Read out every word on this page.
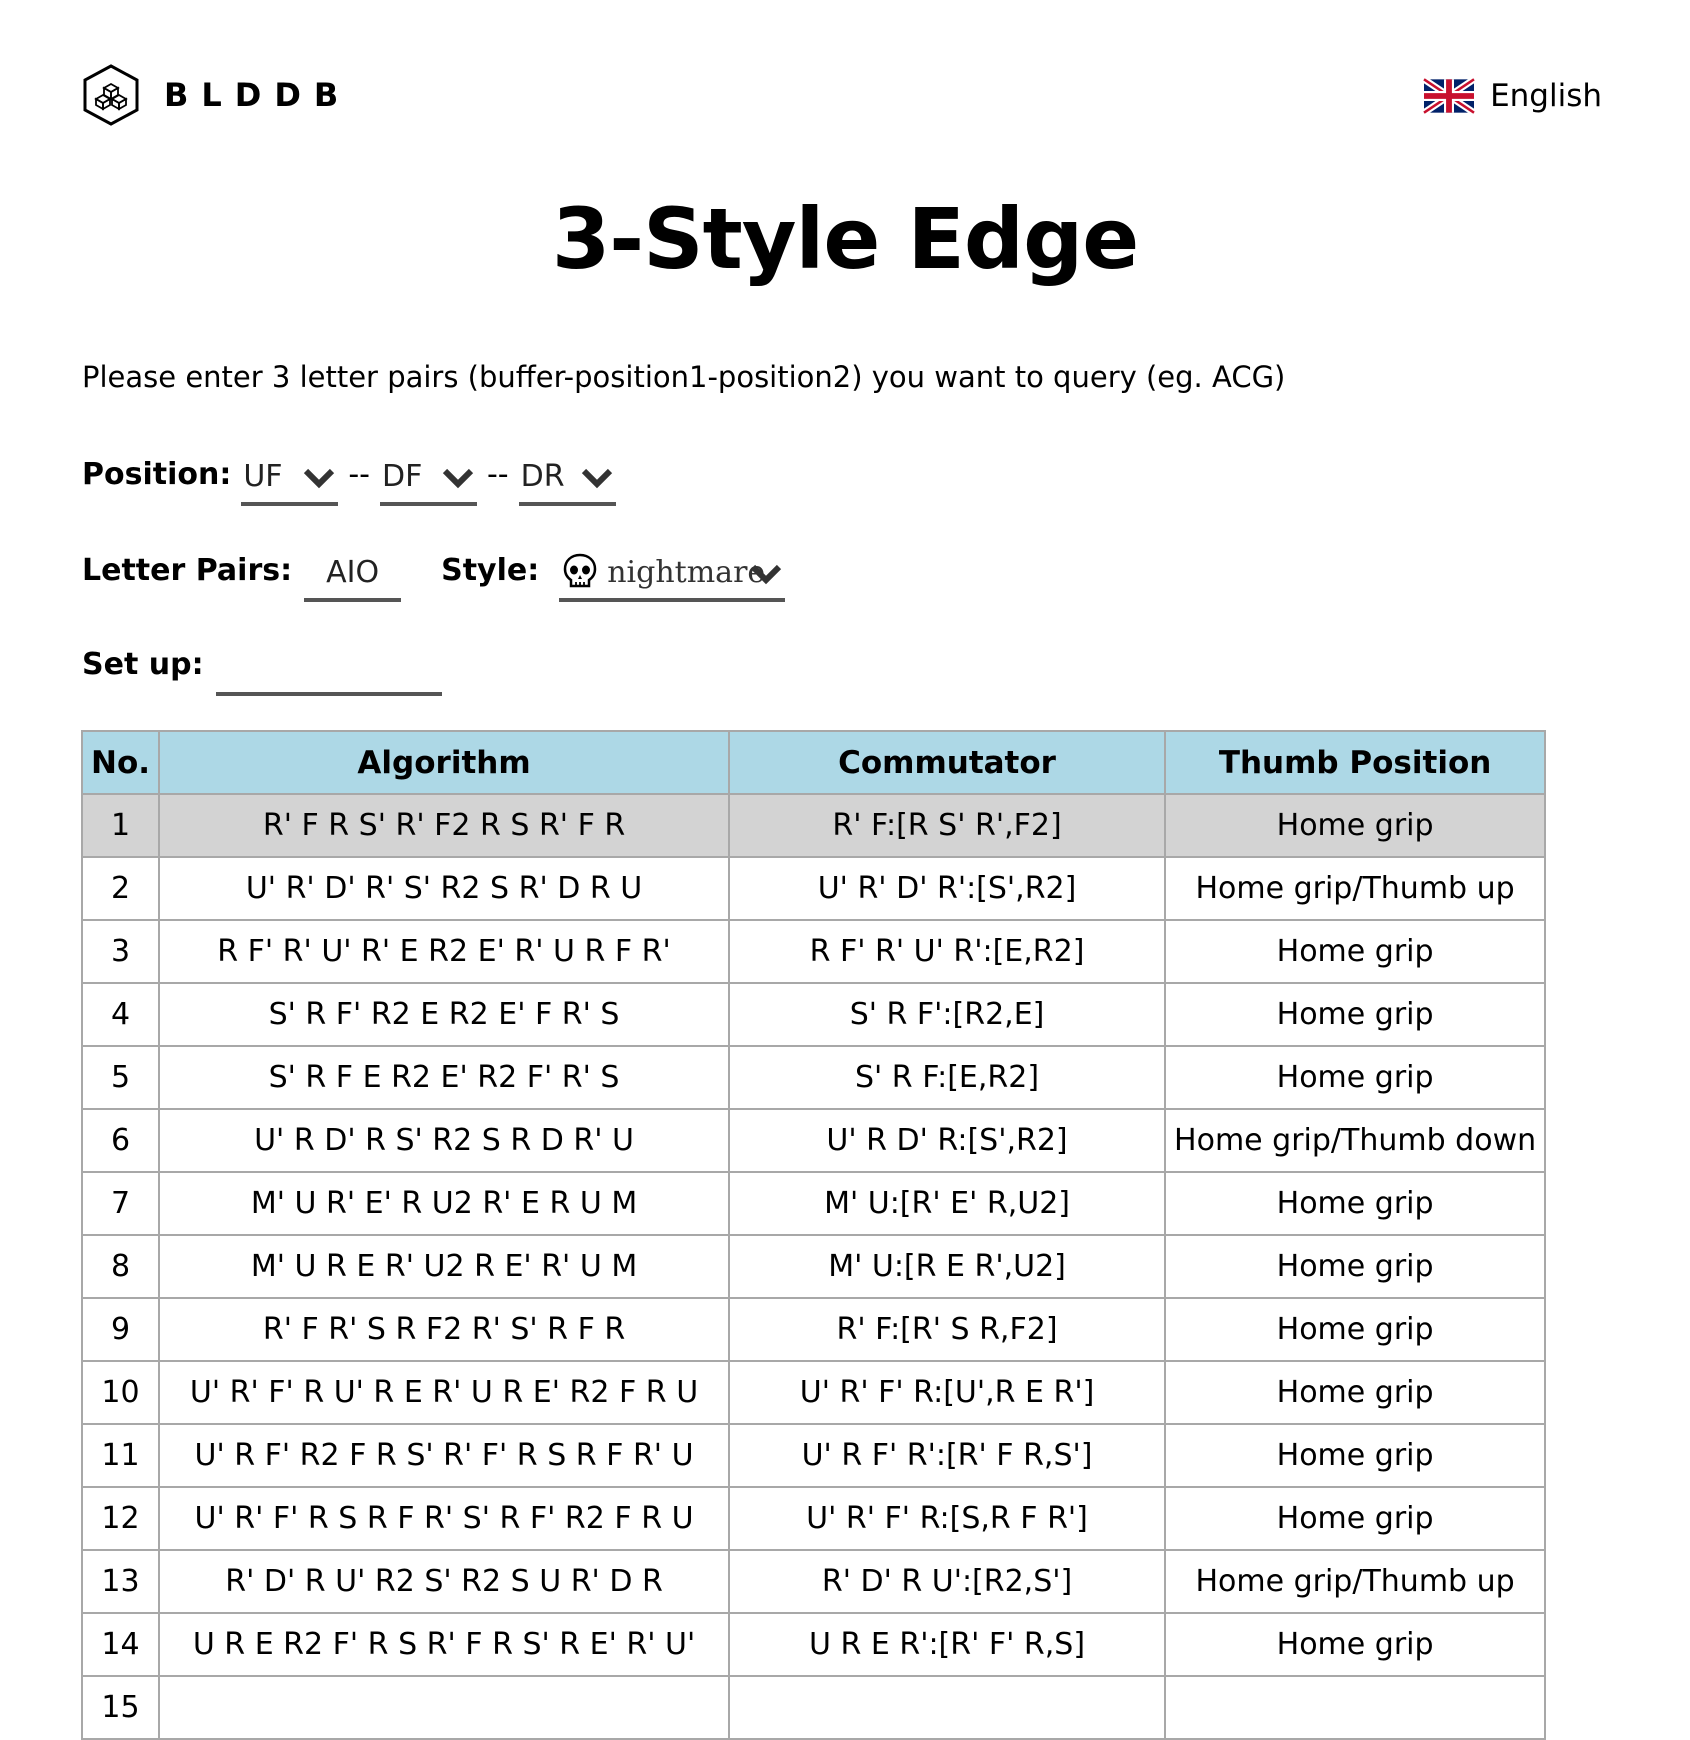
BLDDB	English
3-Style Edge
Please enter 3 letter pairs (buffer-position1-position2) you want to query (eg. ACG)
Position: UF	-- DF	-- DR
Letter Pairs:
AIO	Style: nightmare
Set up:
No.	Algorithm	Commutator	Thumb Position
1	R' F R S' R' F2 R S R' F R	R' F:[R S' R',F2]	Home grip
2	U' R' D' R' S' R2 S R' D R U	U' R' D' R':[S',R2]	Home grip/Thumb up
3	R F' R' U' R' E R2 E' R' U R F R'	R F' R' U' R':[E,R2]	Home grip
4	S' R F' R2 E R2 E' F R' S	S' R F':[R2,E]	Home grip
5	S' R F E R2 E' R2 F' R' S	S' R F:[E,R2]	Home grip
6	U' R D' R S' R2 S R D R' U	U' R D' R:[S',R2]	Home grip/Thumb down
7	M' U R' E' R U2 R' E R U M	M' U:[R' E' R,U2]	Home grip
8	M' U R E R' U2 R E' R' U M	M' U:[R E R',U2]	Home grip
9	R' F R' S R F2 R' S' R F R	R' F:[R' S R,F2]	Home grip
10	U' R' F' R U' R E R' U R E' R2 F R U	U' R' F' R:[U',R E R']	Home grip
11	U' R F' R2 F R S' R' F' R S R F R' U	U' R F' R':[R' F R,S']	Home grip
12	U' R' F' R S R F R' S' R F' R2 F R U	U' R' F' R:[S,R F R']	Home grip
13	R' D' R U' R2 S' R2 S U R' D R	R' D' R U':[R2,S']	Home grip/Thumb up
14	U R E R2 F' R S R' F R S' R E' R' U'	U R E R':[R' F' R,S]	Home grip
15			
